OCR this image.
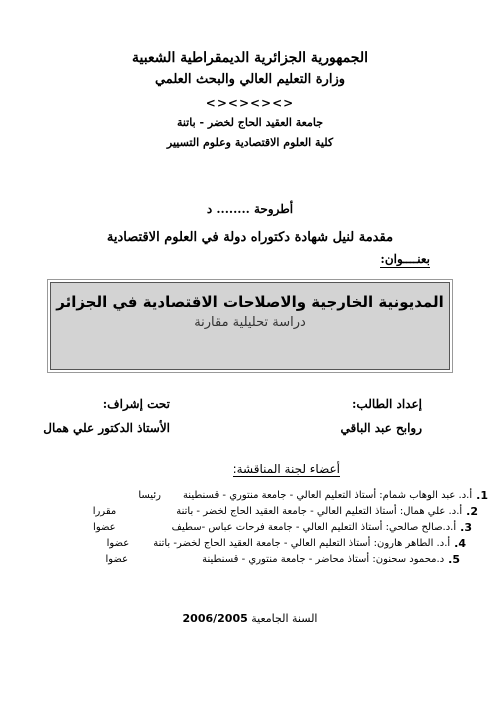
الجمهورية الجزائرية الديمقراطية الشعبية
وزارة التعليم العالي والبحث العلمي
<><><><>
جامعة العقيد الحاج لخضر - باتنة
كلية العلوم الاقتصادية وعلوم التسيير
أطروحة ........ د
مقدمة لنيل شهادة دكتوراه دولة في العلوم الاقتصادية
بعنــــوان:
المديونية الخارجية والاصلاحات الاقتصادية في الجزائر
دراسة تحليلية مقارنة
إعداد الطالب:
روابح عبد الباقي
تحت إشراف:
الأستاذ الدكتور علي همال
أعضاء لجنة المناقشة:
1.
أ.د. عبد الوهاب شمام: أستاذ التعليم العالي - جامعة منتوري - قسنطينة
رئيسا
2.
أ.د. علي همال: أستاذ التعليم العالي - جامعة العقيد الحاج لخضر - باتنة
مقررا
3.
أ.د.صالح صالحي: أستاذ التعليم العالي - جامعة فرحات عباس -سطيف
عضوا
4.
أ.د. الطاهر هارون: أستاذ التعليم العالي - جامعة العقيد الحاج لخضر- باتنة
عضوا
5.
د.محمود سحنون: أستاذ محاضر - جامعة منتوري - قسنطينة
عضوا
السنة الجامعية 2006/2005
